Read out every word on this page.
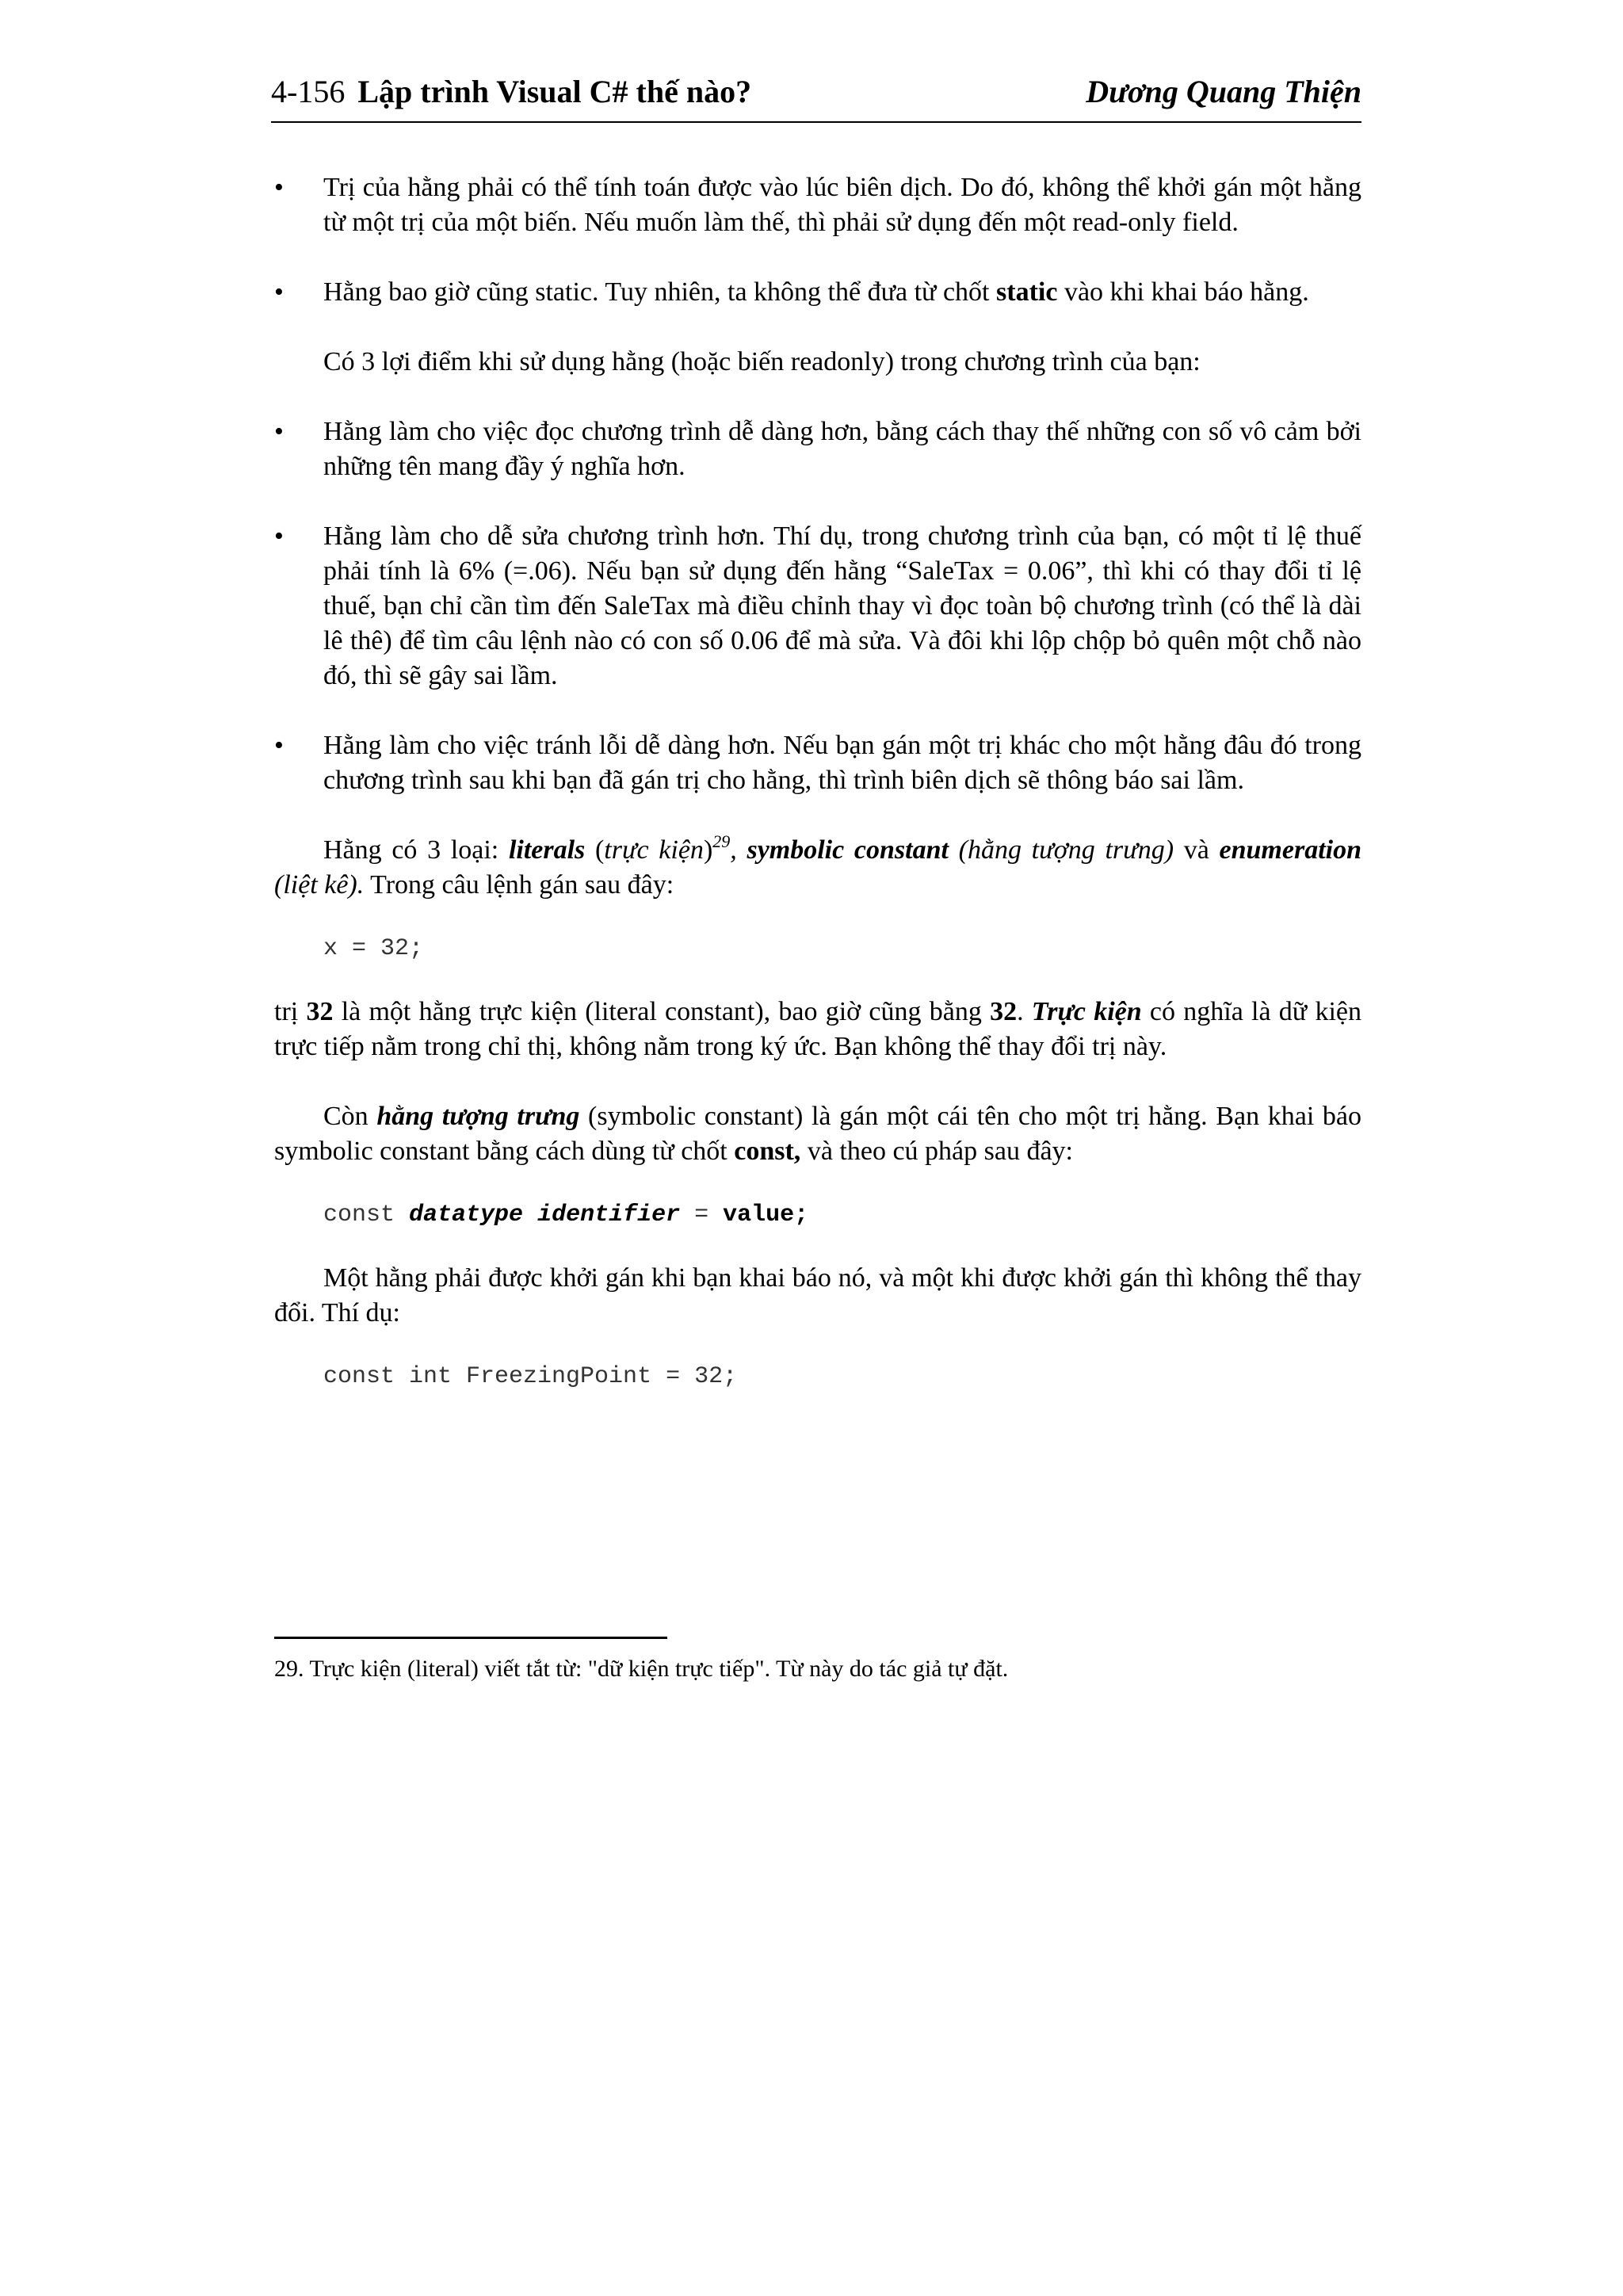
4-156 Lập trình Visual C# thế nào?	Dương Quang Thiện
•	Trị của hằng phải có thể tính toán được vào lúc biên dịch. Do đó, không thể khởi gán một hằng từ một trị của một biến. Nếu muốn làm thế, thì phải sử dụng đến một read-only field.
•	Hằng bao giờ cũng static. Tuy nhiên, ta không thể đưa từ chốt static vào khi khai báo hằng.
Có 3 lợi điểm khi sử dụng hằng (hoặc biến readonly) trong chương trình của bạn:
•	Hằng làm cho việc đọc chương trình dễ dàng hơn, bằng cách thay thế những con số vô cảm bởi những tên mang đầy ý nghĩa hơn.
•	Hằng làm cho dễ sửa chương trình hơn. Thí dụ, trong chương trình của bạn, có một tỉ lệ thuế phải tính là 6% (=.06). Nếu bạn sử dụng đến hằng “SaleTax = 0.06”, thì khi có thay đổi tỉ lệ thuế, bạn chỉ cần tìm đến SaleTax mà điều chỉnh thay vì đọc toàn bộ chương trình (có thể là dài lê thê) để tìm câu lệnh nào có con số 0.06 để mà sửa. Và đôi khi lộp chộp bỏ quên một chỗ nào đó, thì sẽ gây sai lầm.
•	Hằng làm cho việc tránh lỗi dễ dàng hơn. Nếu bạn gán một trị khác cho một hằng đâu đó trong chương trình sau khi bạn đã gán trị cho hằng, thì trình biên dịch sẽ thông báo sai lầm.
Hằng có 3 loại: literals (trực kiện)$^{29}$, symbolic constant (hằng tượng trưng) và enumeration (liệt kê). Trong câu lệnh gán sau đây:
x = 32;
trị 32 là một hằng trực kiện (literal constant), bao giờ cũng bằng 32. Trực kiện có nghĩa là dữ kiện trực tiếp nằm trong chỉ thị, không nằm trong ký ức. Bạn không thể thay đổi trị này.
Còn hằng tượng trưng (symbolic constant) là gán một cái tên cho một trị hằng. Bạn khai báo symbolic constant bằng cách dùng từ chốt const, và theo cú pháp sau đây:
const datatype identifier = value;
Một hằng phải được khởi gán khi bạn khai báo nó, và một khi được khởi gán thì không thể thay đổi. Thí dụ:
const int FreezingPoint = 32;
29. Trực kiện (literal) viết tắt từ: "dữ kiện trực tiếp". Từ này do tác giả tự đặt.
